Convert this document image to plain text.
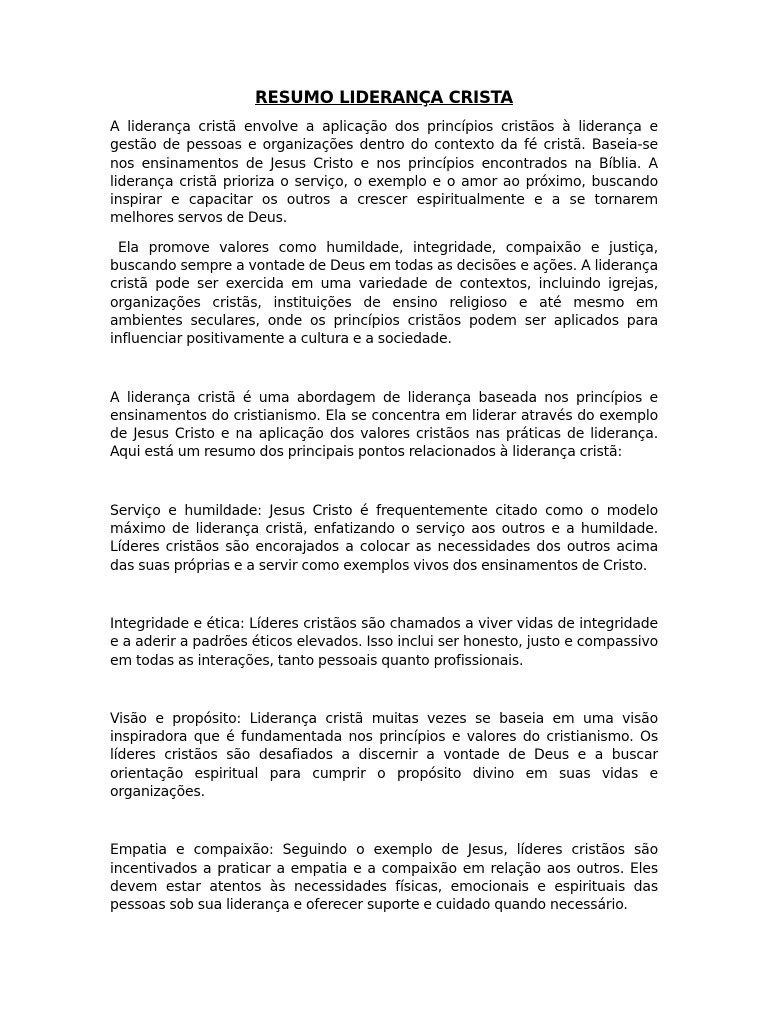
RESUMO LIDERANÇA CRISTA

A liderança cristã envolve a aplicação dos princípios cristãos à liderança e gestão de pessoas e organizações dentro do contexto da fé cristã. Baseia-se nos ensinamentos de Jesus Cristo e nos princípios encontrados na Bíblia. A liderança cristã prioriza o serviço, o exemplo e o amor ao próximo, buscando inspirar e capacitar os outros a crescer espiritualmente e a se tornarem melhores servos de Deus.

Ela promove valores como humildade, integridade, compaixão e justiça, buscando sempre a vontade de Deus em todas as decisões e ações. A liderança cristã pode ser exercida em uma variedade de contextos, incluindo igrejas, organizações cristãs, instituições de ensino religioso e até mesmo em ambientes seculares, onde os princípios cristãos podem ser aplicados para influenciar positivamente a cultura e a sociedade.

A liderança cristã é uma abordagem de liderança baseada nos princípios e ensinamentos do cristianismo. Ela se concentra em liderar através do exemplo de Jesus Cristo e na aplicação dos valores cristãos nas práticas de liderança. Aqui está um resumo dos principais pontos relacionados à liderança cristã:

Serviço e humildade: Jesus Cristo é frequentemente citado como o modelo máximo de liderança cristã, enfatizando o serviço aos outros e a humildade. Líderes cristãos são encorajados a colocar as necessidades dos outros acima das suas próprias e a servir como exemplos vivos dos ensinamentos de Cristo.

Integridade e ética: Líderes cristãos são chamados a viver vidas de integridade e a aderir a padrões éticos elevados. Isso inclui ser honesto, justo e compassivo em todas as interações, tanto pessoais quanto profissionais.

Visão e propósito: Liderança cristã muitas vezes se baseia em uma visão inspiradora que é fundamentada nos princípios e valores do cristianismo. Os líderes cristãos são desafiados a discernir a vontade de Deus e a buscar orientação espiritual para cumprir o propósito divino em suas vidas e organizações.

Empatia e compaixão: Seguindo o exemplo de Jesus, líderes cristãos são incentivados a praticar a empatia e a compaixão em relação aos outros. Eles devem estar atentos às necessidades físicas, emocionais e espirituais das pessoas sob sua liderança e oferecer suporte e cuidado quando necessário.
